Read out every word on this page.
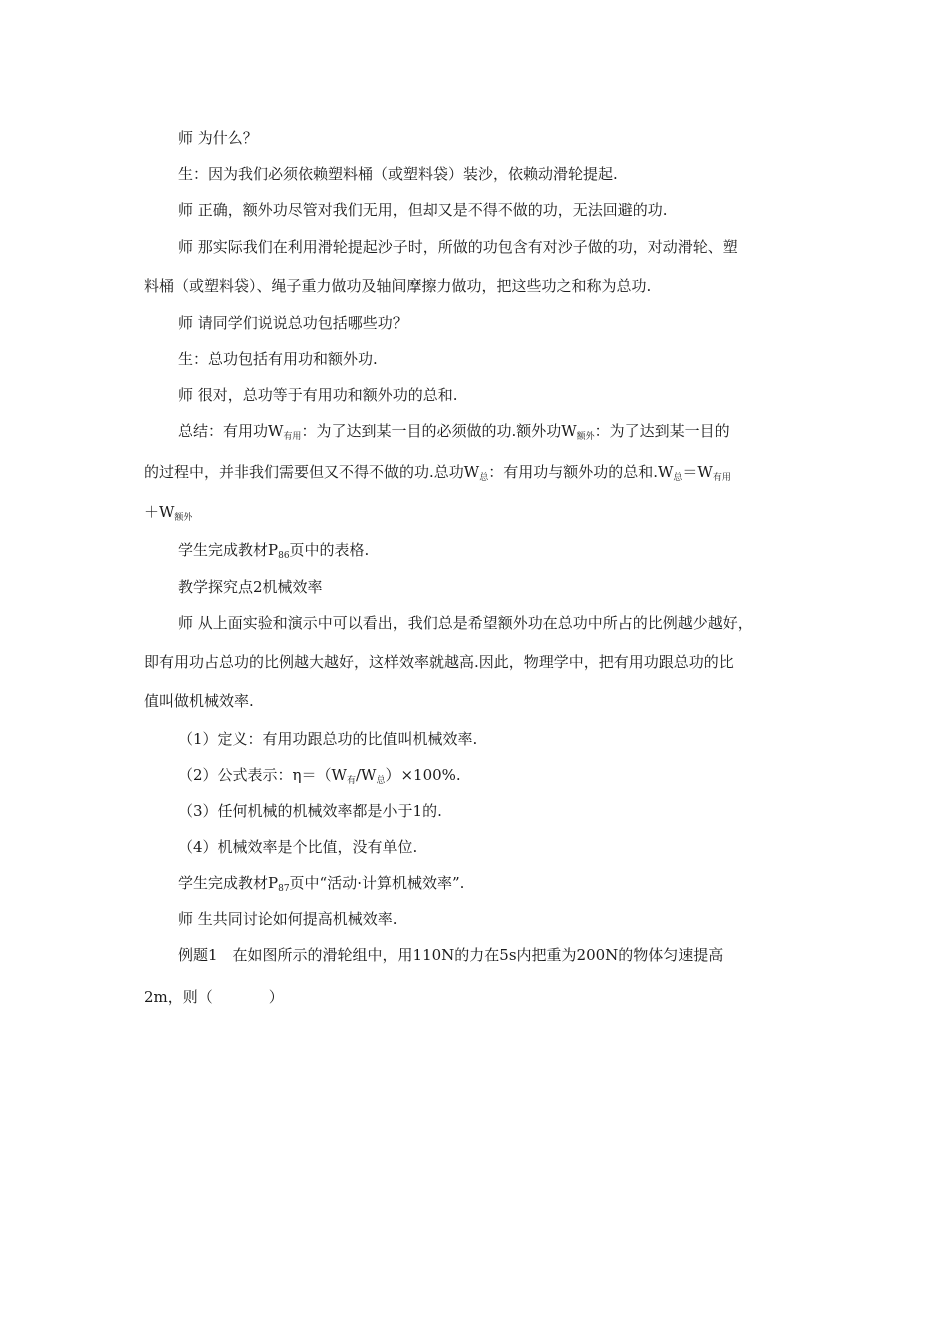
师 为什么？
生：因为我们必须依赖塑料桶（或塑料袋）装沙，依赖动滑轮提起.
师 正确，额外功尽管对我们无用，但却又是不得不做的功，无法回避的功.
师 那实际我们在利用滑轮提起沙子时，所做的功包含有对沙子做的功，对动滑轮、塑
料桶（或塑料袋）、绳子重力做功及轴间摩擦力做功，把这些功之和称为总功.
师 请同学们说说总功包括哪些功？
生：总功包括有用功和额外功.
师 很对，总功等于有用功和额外功的总和.
总结：有用功$W_{有用}$：为了达到某一目的必须做的功.额外功$W_{额外}$：为了达到某一目的
的过程中，并非我们需要但又不得不做的功.总功$W_总$：有用功与额外功的总和$.W_总=W_{有用}$
$+W_{额外}$
学生完成教材$P_{86}$页中的表格.
教学探究点2机械效率
师 从上面实验和演示中可以看出，我们总是希望额外功在总功中所占的比例越少越好，
即有用功占总功的比例越大越好，这样效率就越高.因此，物理学中，把有用功跟总功的比
值叫做机械效率.
（1）定义：有用功跟总功的比值叫机械效率.
（2）公式表示：$\eta=(W_有/W_总)\times 100\%$.
（3）任何机械的机械效率都是小于1的.
（4）机械效率是个比值，没有单位.
学生完成教材$P_{87}$页中“活动·计算机械效率”.
师 生共同讨论如何提高机械效率.
例题1　在如图所示的滑轮组中，用110N的力在5s内把重为200N的物体匀速提高
2m，则（	）
